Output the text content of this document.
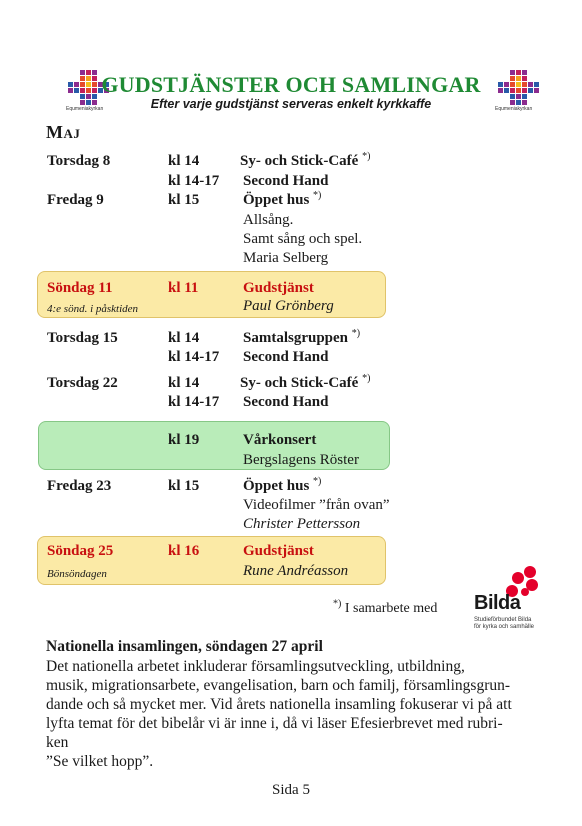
Equmeniakyrkan	Equmeniakyrkan
GUDSTJÄNSTER OCH SAMLINGAR
Efter varje gudstjänst serveras enkelt kyrkkaffe
MAJ
Torsdag 8	kl 14	Sy- och Stick-Café *)
kl 14-17 Second Hand
Fredag 9	kl 15	Öppet hus *)
Allsång.
Samt sång och spel.
Maria Selberg
Söndag 11	kl 11	Gudstjänst
4:e sönd. i påsktiden	Paul Grönberg
Torsdag 15	kl 14	Samtalsgruppen *)
kl 14-17 Second Hand
Torsdag 22	kl 14	Sy- och Stick-Café *)
kl 14-17 Second Hand
kl 19	Vårkonsert
Bergslagens Röster
Fredag 23	kl 15	Öppet hus *)
Videofilmer ”från ovan”
Christer Pettersson
Söndag 25	kl 16	Gudstjänst
Bönsöndagen	Rune Andréasson
*) I samarbete med Bilda
Studieförbundet Bilda
för kyrka och samhälle
Nationella insamlingen, söndagen 27 april
Det nationella arbetet inkluderar församlingsutveckling, utbildning,
musik, migrationsarbete, evangelisation, barn och familj, församlingsgrun-
dande och så mycket mer. Vid årets nationella insamling fokuserar vi på att
lyfta temat för det bibelår vi är inne i, då vi läser Efesierbrevet med rubri-
ken
”Se vilket hopp”.
Sida 5
